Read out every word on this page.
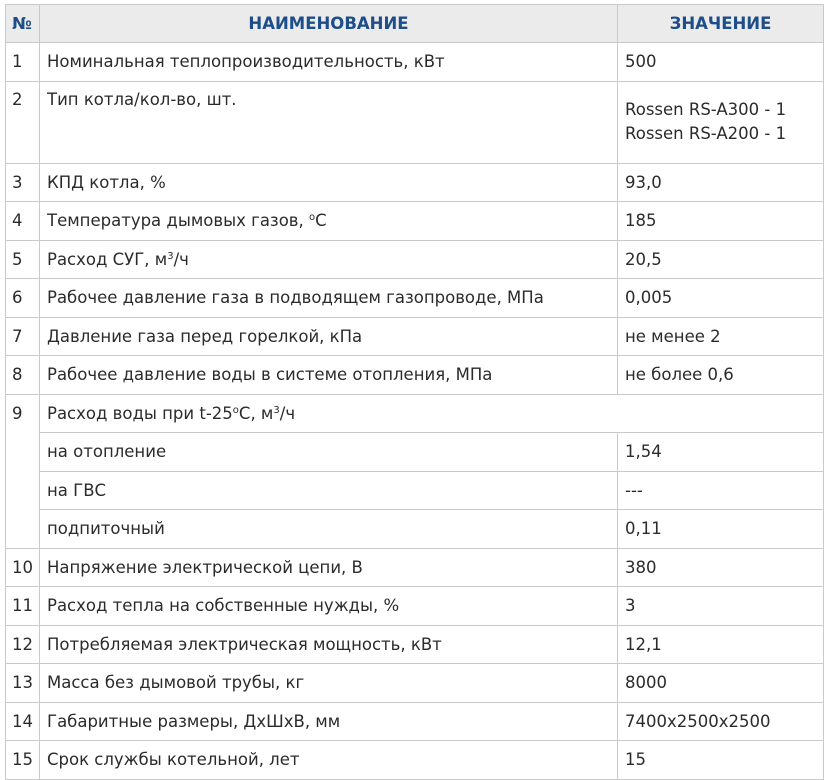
№	НАИМЕНОВАНИЕ	ЗНАЧЕНИЕ
1	Номинальная теплопроизводительность, кВт	500
2	Тип котла/кол-во, шт.	Rossen RS-A300 - 1
Rossen RS-A200 - 1

3	КПД котла, %	93,0
4	Температура дымовых газов, $^о$С	185
5	Расход СУГ, $м^3/ч$	20,5
6	Рабочее давление газа в подводящем газопроводе, МПа	0,005
7	Давление газа перед горелкой, кПа	не менее 2
8	Рабочее давление воды в системе отопления, МПа	не более 0,6
9	Расход воды при $t-25^оС$, $м^3/ч$	
	на отопление	1,54
	на ГВС	---
	подпиточный	0,11
10	Напряжение электрической цепи, В	380
11	Расход тепла на собственные нужды, %	3
12	Потребляемая электрическая мощность, кВт	12,1
13	Масса без дымовой трубы, кг	8000
14	Габаритные размеры, ДхШхВ, мм	7400х2500х2500
15	Срок службы котельной, лет	15
